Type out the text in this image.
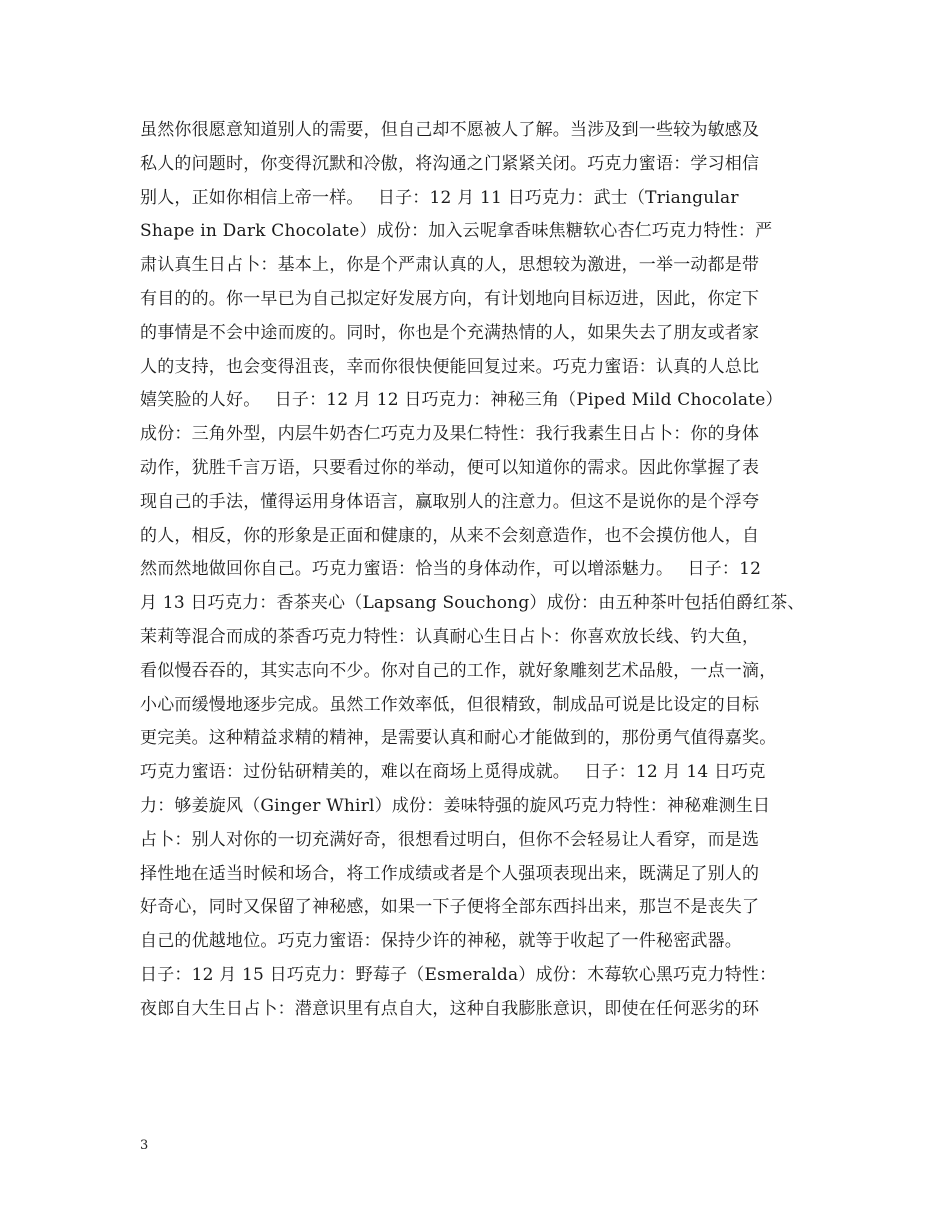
虽然你很愿意知道别人的需要，但自己却不愿被人了解。当涉及到一些较为敏感及
私人的问题时，你变得沉默和冷傲，将沟通之门紧紧关闭。巧克力蜜语：学习相信
别人，正如你相信上帝一样。　 日子：12 月 11 日巧克力：武士（Triangular
Shape in Dark Chocolate）成份：加入云呢拿香味焦糖软心杏仁巧克力特性：严
肃认真生日占卜：基本上，你是个严肃认真的人，思想较为激进，一举一动都是带
有目的的。你一早已为自己拟定好发展方向，有计划地向目标迈进，因此，你定下
的事情是不会中途而废的。同时，你也是个充满热情的人，如果失去了朋友或者家
人的支持，也会变得沮丧，幸而你很快便能回复过来。巧克力蜜语：认真的人总比
嬉笑脸的人好。　 日子：12 月 12 日巧克力：神秘三角（Piped Mild Chocolate）
成份：三角外型，内层牛奶杏仁巧克力及果仁特性：我行我素生日占卜：你的身体
动作，犹胜千言万语，只要看过你的举动，便可以知道你的需求。因此你掌握了表
现自己的手法，懂得运用身体语言，赢取别人的注意力。但这不是说你的是个浮夸
的人，相反，你的形象是正面和健康的，从来不会刻意造作，也不会摸仿他人，自
然而然地做回你自己。巧克力蜜语：恰当的身体动作，可以增添魅力。　 日子：12
月 13 日巧克力：香茶夹心（Lapsang Souchong）成份：由五种茶叶包括伯爵红茶、
茉莉等混合而成的茶香巧克力特性：认真耐心生日占卜：你喜欢放长线、钓大鱼，
看似慢吞吞的，其实志向不少。你对自己的工作，就好象雕刻艺术品般，一点一滴，
小心而缓慢地逐步完成。虽然工作效率低，但很精致，制成品可说是比设定的目标
更完美。这种精益求精的精神，是需要认真和耐心才能做到的，那份勇气值得嘉奖。
巧克力蜜语：过份钻研精美的，难以在商场上觅得成就。　 日子：12 月 14 日巧克
力：够姜旋风（Ginger Whirl）成份：姜味特强的旋风巧克力特性：神秘难测生日
占卜：别人对你的一切充满好奇，很想看过明白，但你不会轻易让人看穿，而是选
择性地在适当时候和场合，将工作成绩或者是个人强项表现出来，既满足了别人的
好奇心，同时又保留了神秘感，如果一下子便将全部东西抖出来，那岂不是丧失了
自己的优越地位。巧克力蜜语：保持少许的神秘，就等于收起了一件秘密武器。
日子：12 月 15 日巧克力：野莓子（Esmeralda）成份：木莓软心黑巧克力特性：
夜郎自大生日占卜：潜意识里有点自大，这种自我膨胀意识，即使在任何恶劣的环
3
